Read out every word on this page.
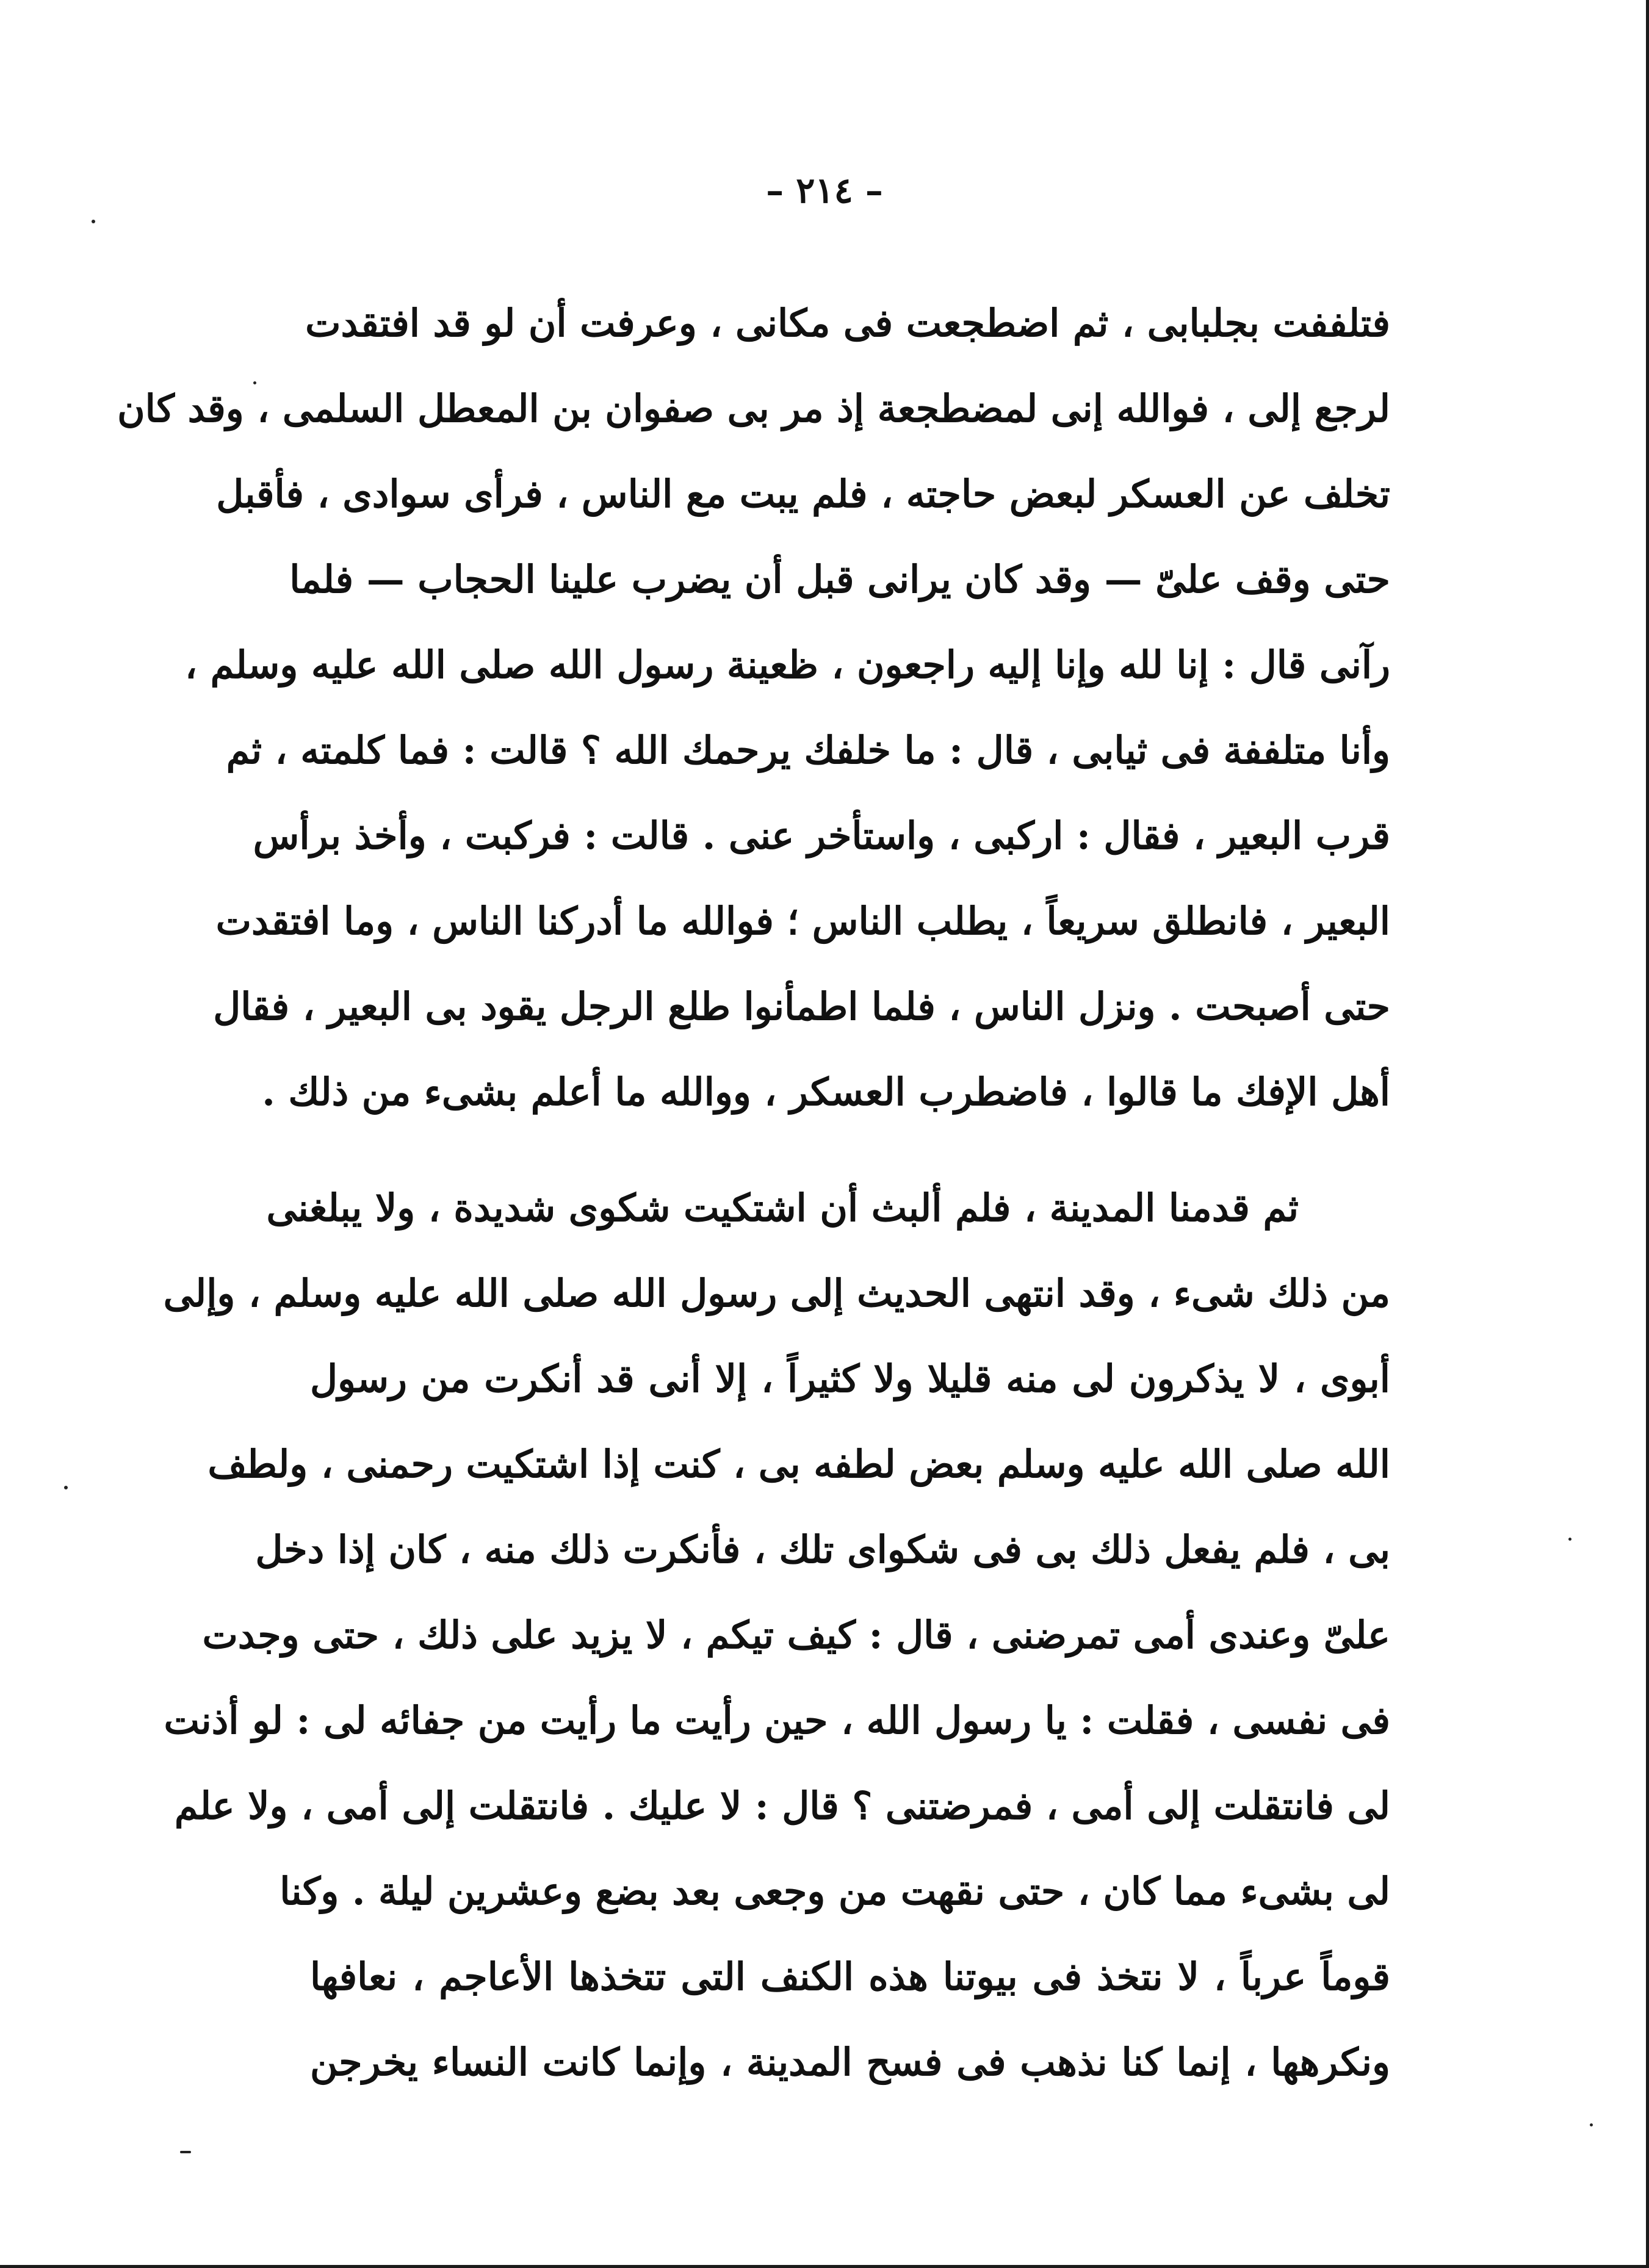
– ٢١٤ –
فتلففت بجلبابى ، ثم اضطجعت فى مكانى ، وعرفت أن لو قد افتقدت
لرجع إلى ، فوالله إنى لمضطجعة إذ مر بى صفوان بن المعطل السلمى ، وقد كان
تخلف عن العسكر لبعض حاجته ، فلم يبت مع الناس ، فرأى سوادى ، فأقبل
حتى وقف علىّ — وقد كان يرانى قبل أن يضرب علينا الحجاب — فلما
رآنى قال : إنا لله وإنا إليه راجعون ، ظعينة رسول الله صلى الله عليه وسلم ،
وأنا متلففة فى ثيابى ، قال : ما خلفك يرحمك الله ؟ قالت : فما كلمته ، ثم
قرب البعير ، فقال : اركبى ، واستأخر عنى . قالت : فركبت ، وأخذ برأس
البعير ، فانطلق سريعاً ، يطلب الناس ؛ فوالله ما أدركنا الناس ، وما افتقدت
حتى أصبحت . ونزل الناس ، فلما اطمأنوا طلع الرجل يقود بى البعير ، فقال
أهل الإفك ما قالوا ، فاضطرب العسكر ، ووالله ما أعلم بشىء من ذلك .
ثم قدمنا المدينة ، فلم ألبث أن اشتكيت شكوى شديدة ، ولا يبلغنى
من ذلك شىء ، وقد انتهى الحديث إلى رسول الله صلى الله عليه وسلم ، وإلى
أبوى ، لا يذكرون لى منه قليلا ولا كثيراً ، إلا أنى قد أنكرت من رسول
الله صلى الله عليه وسلم بعض لطفه بى ، كنت إذا اشتكيت رحمنى ، ولطف
بى ، فلم يفعل ذلك بى فى شكواى تلك ، فأنكرت ذلك منه ، كان إذا دخل
علىّ وعندى أمى تمرضنى ، قال : كيف تيكم ، لا يزيد على ذلك ، حتى وجدت
فى نفسى ، فقلت : يا رسول الله ، حين رأيت ما رأيت من جفائه لى : لو أذنت
لى فانتقلت إلى أمى ، فمرضتنى ؟ قال : لا عليك . فانتقلت إلى أمى ، ولا علم
لى بشىء مما كان ، حتى نقهت من وجعى بعد بضع وعشرين ليلة . وكنا
قوماً عرباً ، لا نتخذ فى بيوتنا هذه الكنف التى تتخذها الأعاجم ، نعافها
ونكرهها ، إنما كنا نذهب فى فسح المدينة ، وإنما كانت النساء يخرجن
